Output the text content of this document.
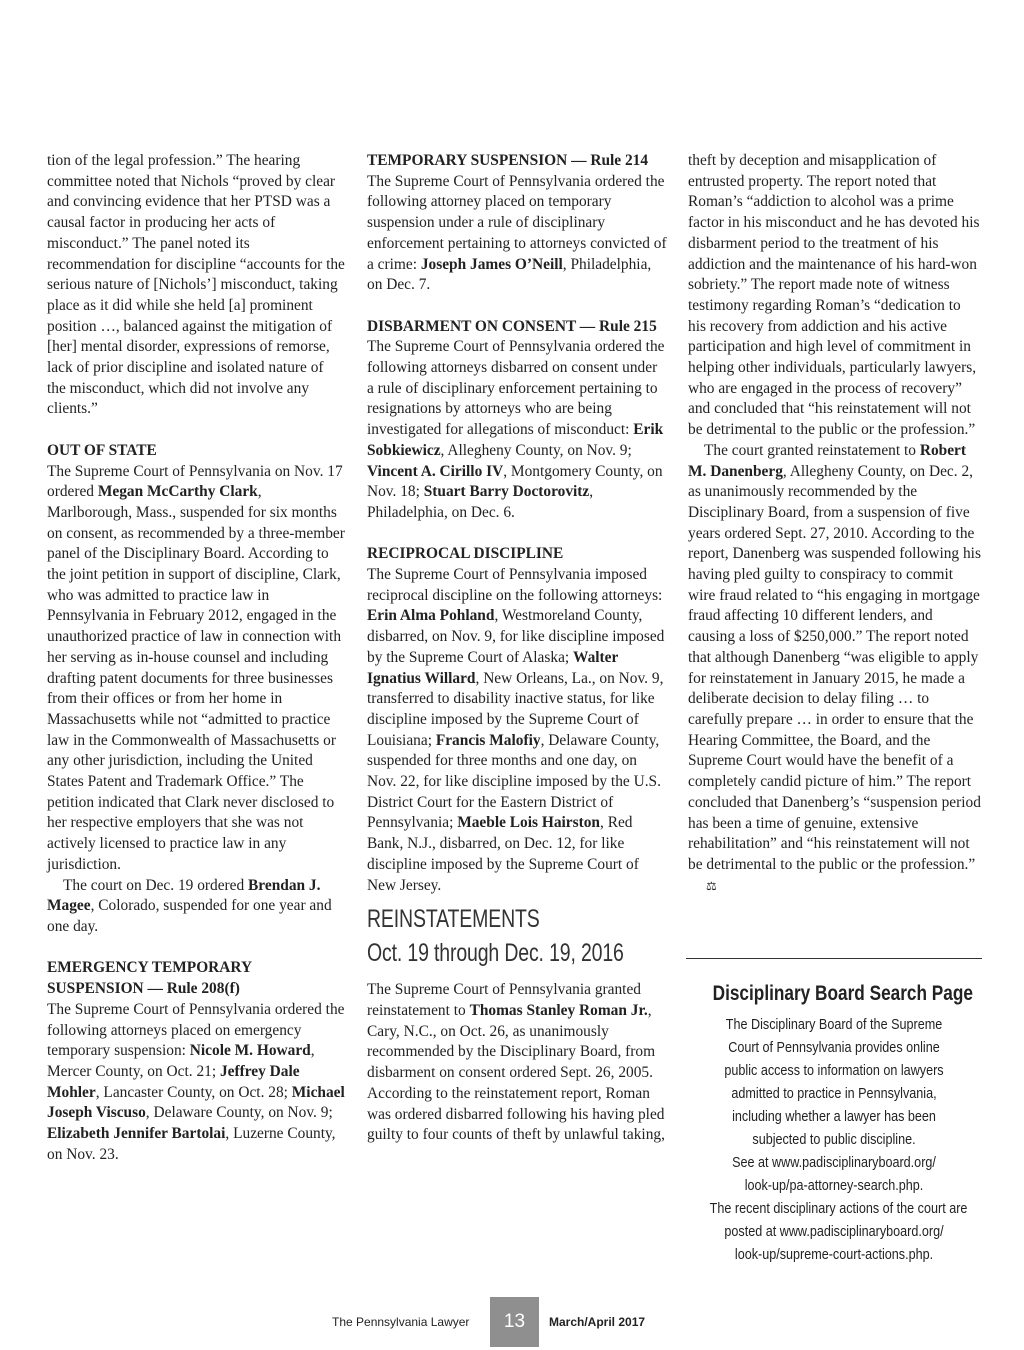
tion of the legal profession.” The hearing committee noted that Nichols “proved by clear and convincing evidence that her PTSD was a causal factor in producing her acts of misconduct.” The panel noted its recommendation for discipline “accounts for the serious nature of [Nichols’] misconduct, taking place as it did while she held [a] prominent position …, balanced against the mitigation of [her] mental disorder, expressions of remorse, lack of prior discipline and isolated nature of the misconduct, which did not involve any clients.”

OUT OF STATE

The Supreme Court of Pennsylvania on Nov. 17 ordered Megan McCarthy Clark, Marlborough, Mass., suspended for six months on consent, as recommended by a three-member panel of the Disciplinary Board. According to the joint petition in support of discipline, Clark, who was admitted to practice law in Pennsylvania in February 2012, engaged in the unauthorized practice of law in connection with her serving as in-house counsel and including drafting patent documents for three businesses from their offices or from her home in Massachusetts while not “admitted to practice law in the Commonwealth of Massachusetts or any other jurisdiction, including the United States Patent and Trademark Office.” The petition indicated that Clark never disclosed to her respective employers that she was not actively licensed to practice law in any jurisdiction.

The court on Dec. 19 ordered Brendan J. Magee, Colorado, suspended for one year and one day.

EMERGENCY TEMPORARY SUSPENSION — Rule 208(f)

The Supreme Court of Pennsylvania ordered the following attorneys placed on emergency temporary suspension: Nicole M. Howard, Mercer County, on Oct. 21; Jeffrey Dale Mohler, Lancaster County, on Oct. 28; Michael Joseph Viscuso, Delaware County, on Nov. 9; Elizabeth Jennifer Bartolai, Luzerne County, on Nov. 23.

TEMPORARY SUSPENSION — Rule 214

The Supreme Court of Pennsylvania ordered the following attorney placed on temporary suspension under a rule of disciplinary enforcement pertaining to attorneys convicted of a crime: Joseph James O’Neill, Philadelphia, on Dec. 7.

DISBARMENT ON CONSENT — Rule 215

The Supreme Court of Pennsylvania ordered the following attorneys disbarred on consent under a rule of disciplinary enforcement pertaining to resignations by attorneys who are being investigated for allegations of misconduct: Erik Sobkiewicz, Allegheny County, on Nov. 9; Vincent A. Cirillo IV, Montgomery County, on Nov. 18; Stuart Barry Doctorovitz, Philadelphia, on Dec. 6.

RECIPROCAL DISCIPLINE

The Supreme Court of Pennsylvania imposed reciprocal discipline on the following attorneys: Erin Alma Pohland, Westmoreland County, disbarred, on Nov. 9, for like discipline imposed by the Supreme Court of Alaska; Walter Ignatius Willard, New Orleans, La., on Nov. 9, transferred to disability inactive status, for like discipline imposed by the Supreme Court of Louisiana; Francis Malofiy, Delaware County, suspended for three months and one day, on Nov. 22, for like discipline imposed by the U.S. District Court for the Eastern District of Pennsylvania; Maeble Lois Hairston, Red Bank, N.J., disbarred, on Dec. 12, for like discipline imposed by the Supreme Court of New Jersey.

REINSTATEMENTS
Oct. 19 through Dec. 19, 2016

The Supreme Court of Pennsylvania granted reinstatement to Thomas Stanley Roman Jr., Cary, N.C., on Oct. 26, as unanimously recommended by the Disciplinary Board, from disbarment on consent ordered Sept. 26, 2005. According to the reinstatement report, Roman was ordered disbarred following his having pled guilty to four counts of theft by unlawful taking,

theft by deception and misapplication of entrusted property. The report noted that Roman’s “addiction to alcohol was a prime factor in his misconduct and he has devoted his disbarment period to the treatment of his addiction and the maintenance of his hard-won sobriety.” The report made note of witness testimony regarding Roman’s “dedication to his recovery from addiction and his active participation and high level of commitment in helping other individuals, particularly lawyers, who are engaged in the process of recovery” and concluded that “his reinstatement will not be detrimental to the public or the profession.”

The court granted reinstatement to Robert M. Danenberg, Allegheny County, on Dec. 2, as unanimously recommended by the Disciplinary Board, from a suspension of five years ordered Sept. 27, 2010. According to the report, Danenberg was suspended following his having pled guilty to conspiracy to commit wire fraud related to “his engaging in mortgage fraud affecting 10 different lenders, and causing a loss of $250,000.” The report noted that although Danenberg “was eligible to apply for reinstatement in January 2015, he made a deliberate decision to delay filing … to carefully prepare … in order to ensure that the Hearing Committee, the Board, and the Supreme Court would have the benefit of a completely candid picture of him.” The report concluded that Danenberg’s “suspension period has been a time of genuine, extensive rehabilitation” and “his reinstatement will not be detrimental to the public or the profession.” ⚖

Disciplinary Board Search Page
The Disciplinary Board of the Supreme
Court of Pennsylvania provides online
public access to information on lawyers
admitted to practice in Pennsylvania,
including whether a lawyer has been
subjected to public discipline.
See at www.padisciplinaryboard.org/
look-up/pa-attorney-search.php.
The recent disciplinary actions of the court are
posted at www.padisciplinaryboard.org/
look-up/supreme-court-actions.php.
The Pennsylvania Lawyer	13	March/April 2017
